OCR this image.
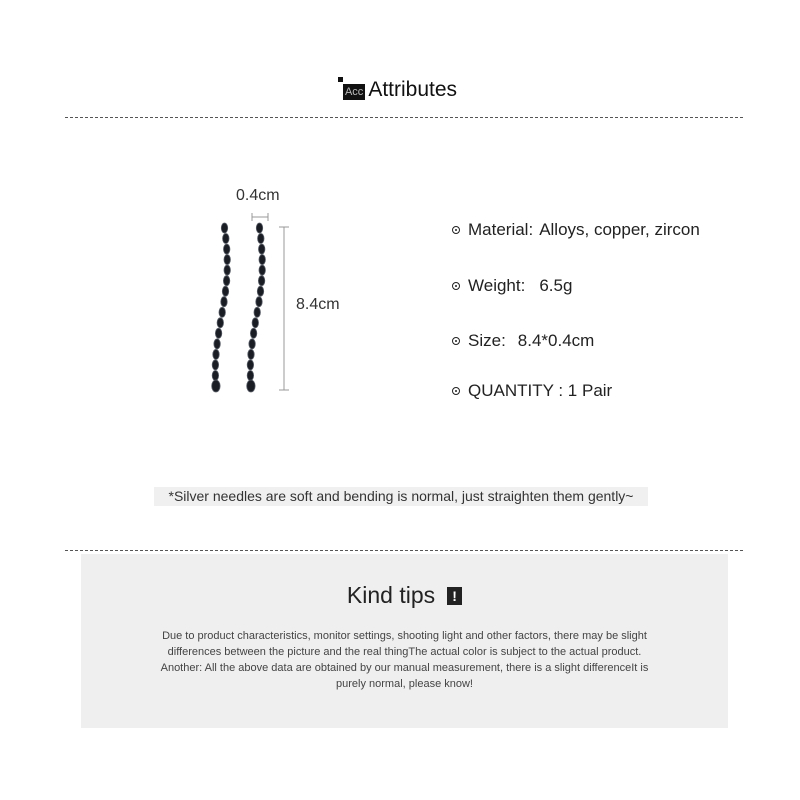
Acc Attributes
0.4cm
8.4cm
Material: Alloys, copper, zircon
Weight: 6.5g
Size: 8.4*0.4cm
QUANTITY : 1 Pair
*Silver needles are soft and bending is normal, just straighten them gently~
Kind tips !
Due to product characteristics, monitor settings, shooting light and other factors, there may be slight
differences between the picture and the real thingThe actual color is subject to the actual product.
Another: All the above data are obtained by our manual measurement, there is a slight differenceIt is
purely normal, please know!
